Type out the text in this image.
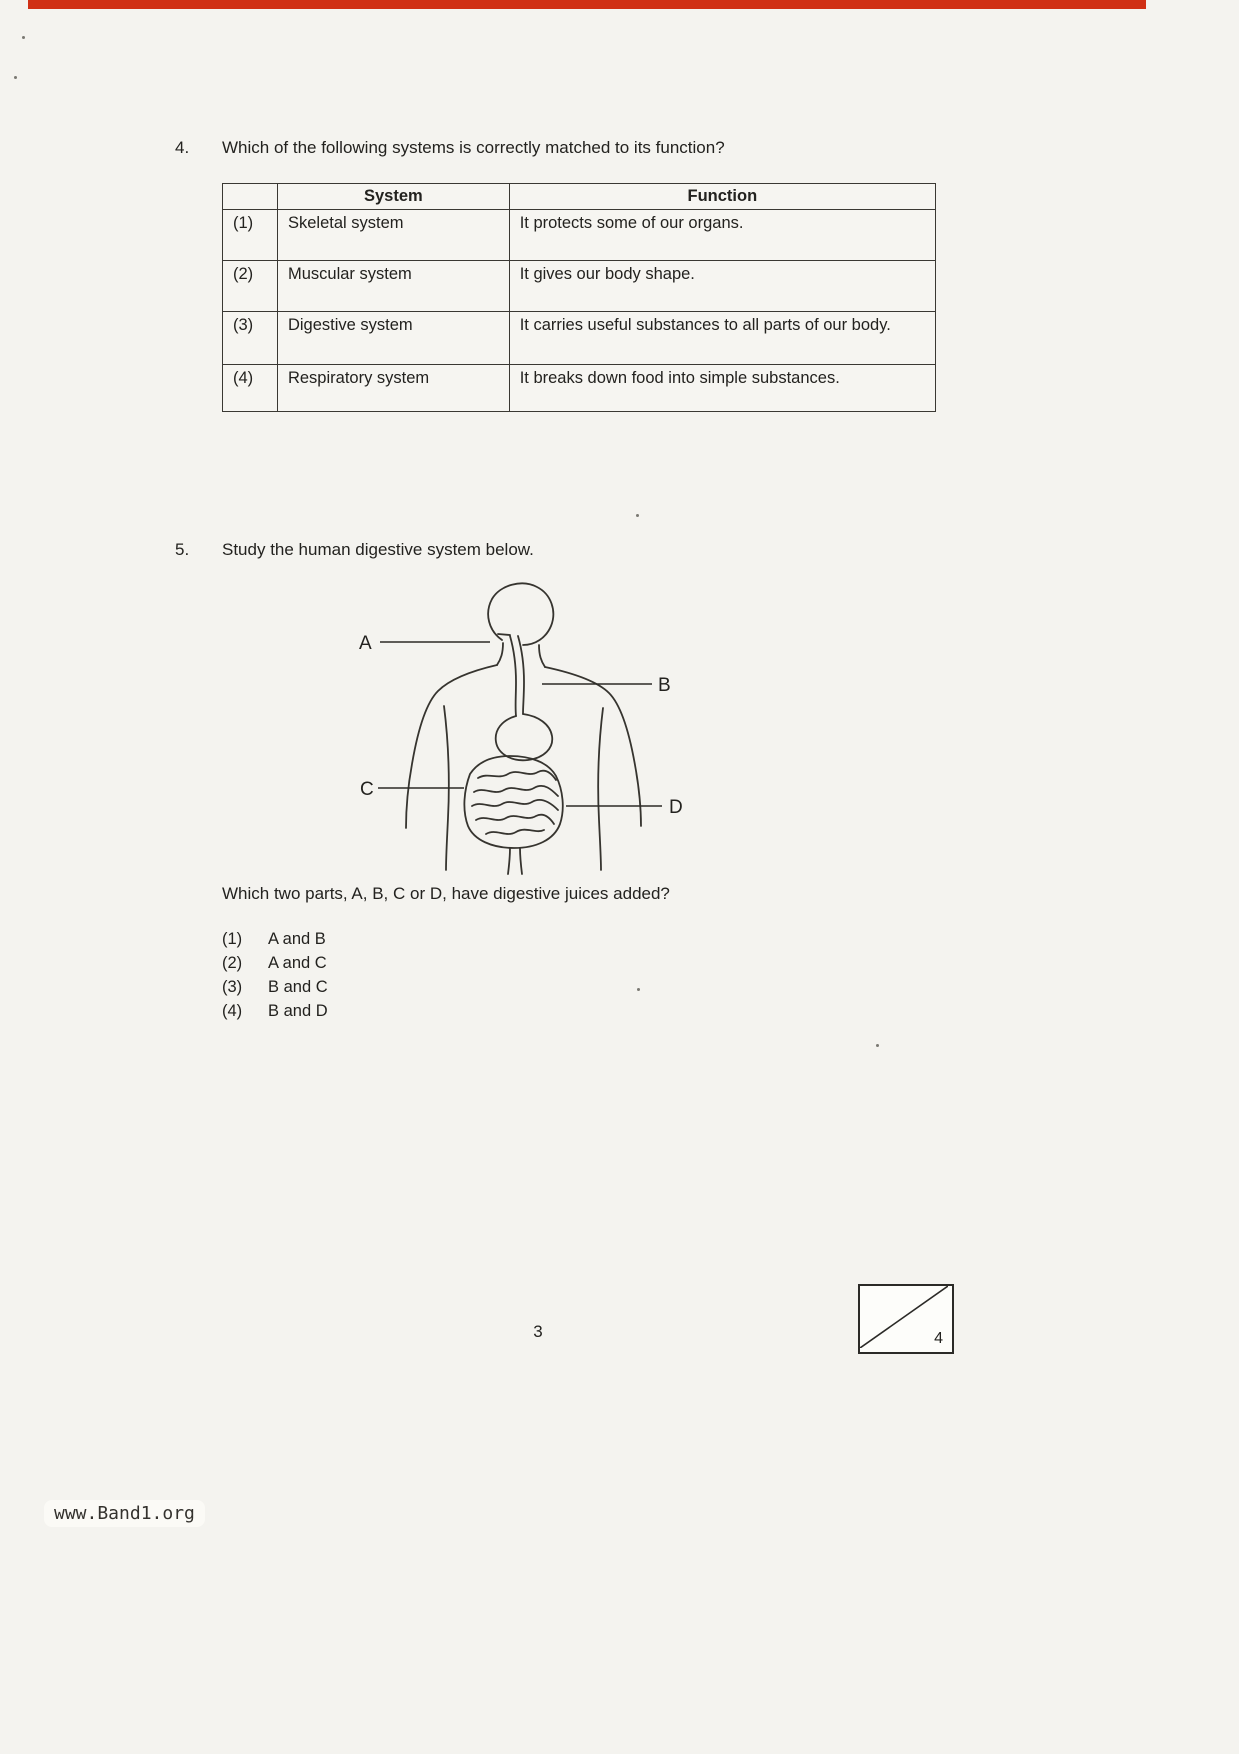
4.	Which of the following systems is correctly matched to its function?
	System	Function
(1)	Skeletal system	It protects some of our organs.
(2)	Muscular system	It gives our body shape.
(3)	Digestive system	It carries useful substances to all parts of our body.
(4)	Respiratory system	It breaks down food into simple substances.
5.	Study the human digestive system below.
A
B
C
D
Which two parts, A, B, C or D, have digestive juices added?
(1)	A and B
(2)	A and C
(3)	B and C
(4)	B and D
3	4
www.Band1.org
